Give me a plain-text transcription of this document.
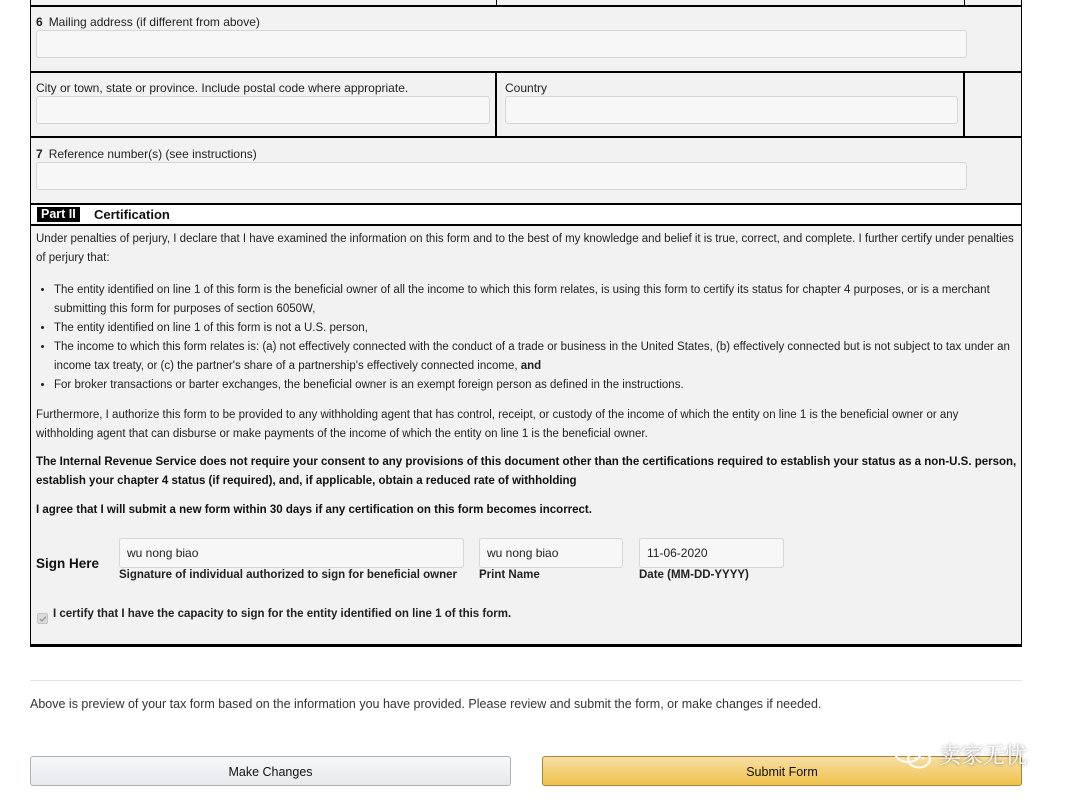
6 Mailing address (if different from above)
City or town, state or province. Include postal code where appropriate.	Country
7 Reference number(s) (see instructions)
Part II	Certification

Under penalties of perjury, I declare that I have examined the information on this form and to the best of my knowledge and belief it is true, correct, and complete. I further certify under penalties of perjury that:

• The entity identified on line 1 of this form is the beneficial owner of all the income to which this form relates, is using this form to certify its status for chapter 4 purposes, or is a merchant submitting this form for purposes of section 6050W,
• The entity identified on line 1 of this form is not a U.S. person,
• The income to which this form relates is: (a) not effectively connected with the conduct of a trade or business in the United States, (b) effectively connected but is not subject to tax under an income tax treaty, or (c) the partner's share of a partnership's effectively connected income, and
• For broker transactions or barter exchanges, the beneficial owner is an exempt foreign person as defined in the instructions.

Furthermore, I authorize this form to be provided to any withholding agent that has control, receipt, or custody of the income of which the entity on line 1 is the beneficial owner or any withholding agent that can disburse or make payments of the income of which the entity on line 1 is the beneficial owner.

The Internal Revenue Service does not require your consent to any provisions of this document other than the certifications required to establish your status as a non-U.S. person, establish your chapter 4 status (if required), and, if applicable, obtain a reduced rate of withholding

I agree that I will submit a new form within 30 days if any certification on this form becomes incorrect.

Sign Here
wu nong biao
Signature of individual authorized to sign for beneficial owner
wu nong biao
Print Name
11-06-2020
Date (MM-DD-YYYY)
I certify that I have the capacity to sign for the entity identified on line 1 of this form.
Above is preview of your tax form based on the information you have provided. Please review and submit the form, or make changes if needed.
Make Changes	Submit Form
卖家无忧
